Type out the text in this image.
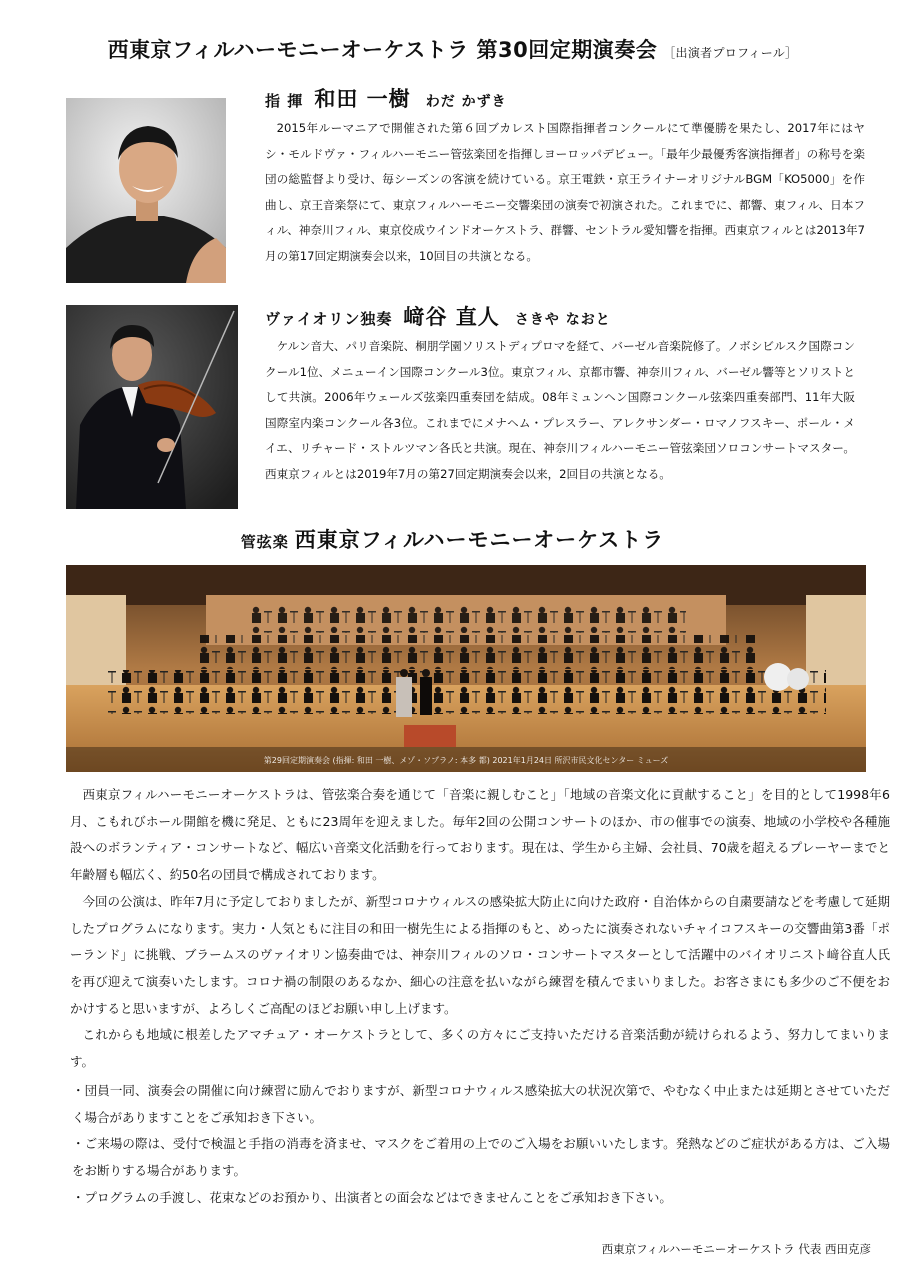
西東京フィルハーモニーオーケストラ 第30回定期演奏会 ［出演者プロフィール］
指 揮 和田 一樹 わだ かずき

2015年ルーマニアで開催された第６回ブカレスト国際指揮者コンクールにて準優勝を果たし、2017年にはヤシ・モルドヴァ・フィルハーモニー管弦楽団を指揮しヨーロッパデビュー。「最年少最優秀客演指揮者」の称号を楽団の総監督より受け、毎シーズンの客演を続けている。京王電鉄・京王ライナーオリジナルBGM「KO5000」を作曲し、京王音楽祭にて、東京フィルハーモニー交響楽団の演奏で初演された。これまでに、都響、東フィル、日本フィル、神奈川フィル、東京佼成ウインドオーケストラ、群響、セントラル愛知響を指揮。西東京フィルとは2013年7月の第17回定期演奏会以来，10回目の共演となる。

ヴァイオリン独奏 﨑谷 直人 さきや なおと

ケルン音大、パリ音楽院、桐朋学園ソリストディプロマを経て、バーゼル音楽院修了。ノボシビルスク国際コンクール1位、メニューイン国際コンクール3位。東京フィル、京都市響、神奈川フィル、バーゼル響等とソリストとして共演。2006年ウェールズ弦楽四重奏団を結成。08年ミュンヘン国際コンクール弦楽四重奏部門、11年大阪国際室内楽コンクール各3位。これまでにメナヘム・プレスラー、アレクサンダー・ロマノフスキー、ポール・メイエ、リチャード・ストルツマン各氏と共演。現在、神奈川フィルハーモニー管弦楽団ソロコンサートマスター。西東京フィルとは2019年7月の第27回定期演奏会以来，2回目の共演となる。

管弦楽 西東京フィルハーモニーオーケストラ
第29回定期演奏会 (指揮: 和田 一樹、メゾ・ソプラノ: 本多 都) 2021年1月24日 所沢市民文化センター ミューズ

西東京フィルハーモニーオーケストラは、管弦楽合奏を通じて「音楽に親しむこと」「地域の音楽文化に貢献すること」を目的として1998年6月、こもれびホール開館を機に発足、ともに23周年を迎えました。毎年2回の公開コンサートのほか、市の催事での演奏、地域の小学校や各種施設へのボランティア・コンサートなど、幅広い音楽文化活動を行っております。現在は、学生から主婦、会社員、70歳を超えるプレーヤーまでと年齢層も幅広く、約50名の団員で構成されております。

今回の公演は、昨年7月に予定しておりましたが、新型コロナウィルスの感染拡大防止に向けた政府・自治体からの自粛要請などを考慮して延期したプログラムになります。実力・人気ともに注目の和田一樹先生による指揮のもと、めったに演奏されないチャイコフスキーの交響曲第3番「ポーランド」に挑戦、ブラームスのヴァイオリン協奏曲では、神奈川フィルのソロ・コンサートマスターとして活躍中のバイオリニスト﨑谷直人氏を再び迎えて演奏いたします。コロナ禍の制限のあるなか、細心の注意を払いながら練習を積んでまいりました。お客さまにも多少のご不便をおかけすると思いますが、よろしくご高配のほどお願い申し上げます。

これからも地域に根差したアマチュア・オーケストラとして、多くの方々にご支持いただける音楽活動が続けられるよう、努力してまいります。

・団員一同、演奏会の開催に向け練習に励んでおりますが、新型コロナウィルス感染拡大の状況次第で、やむなく中止または延期とさせていただく場合がありますことをご承知おき下さい。

・ご来場の際は、受付で検温と手指の消毒を済ませ、マスクをご着用の上でのご入場をお願いいたします。発熱などのご症状がある方は、ご入場をお断りする場合があります。

・プログラムの手渡し、花束などのお預かり、出演者との面会などはできませんことをご承知おき下さい。

西東京フィルハーモニーオーケストラ 代表 西田克彦
